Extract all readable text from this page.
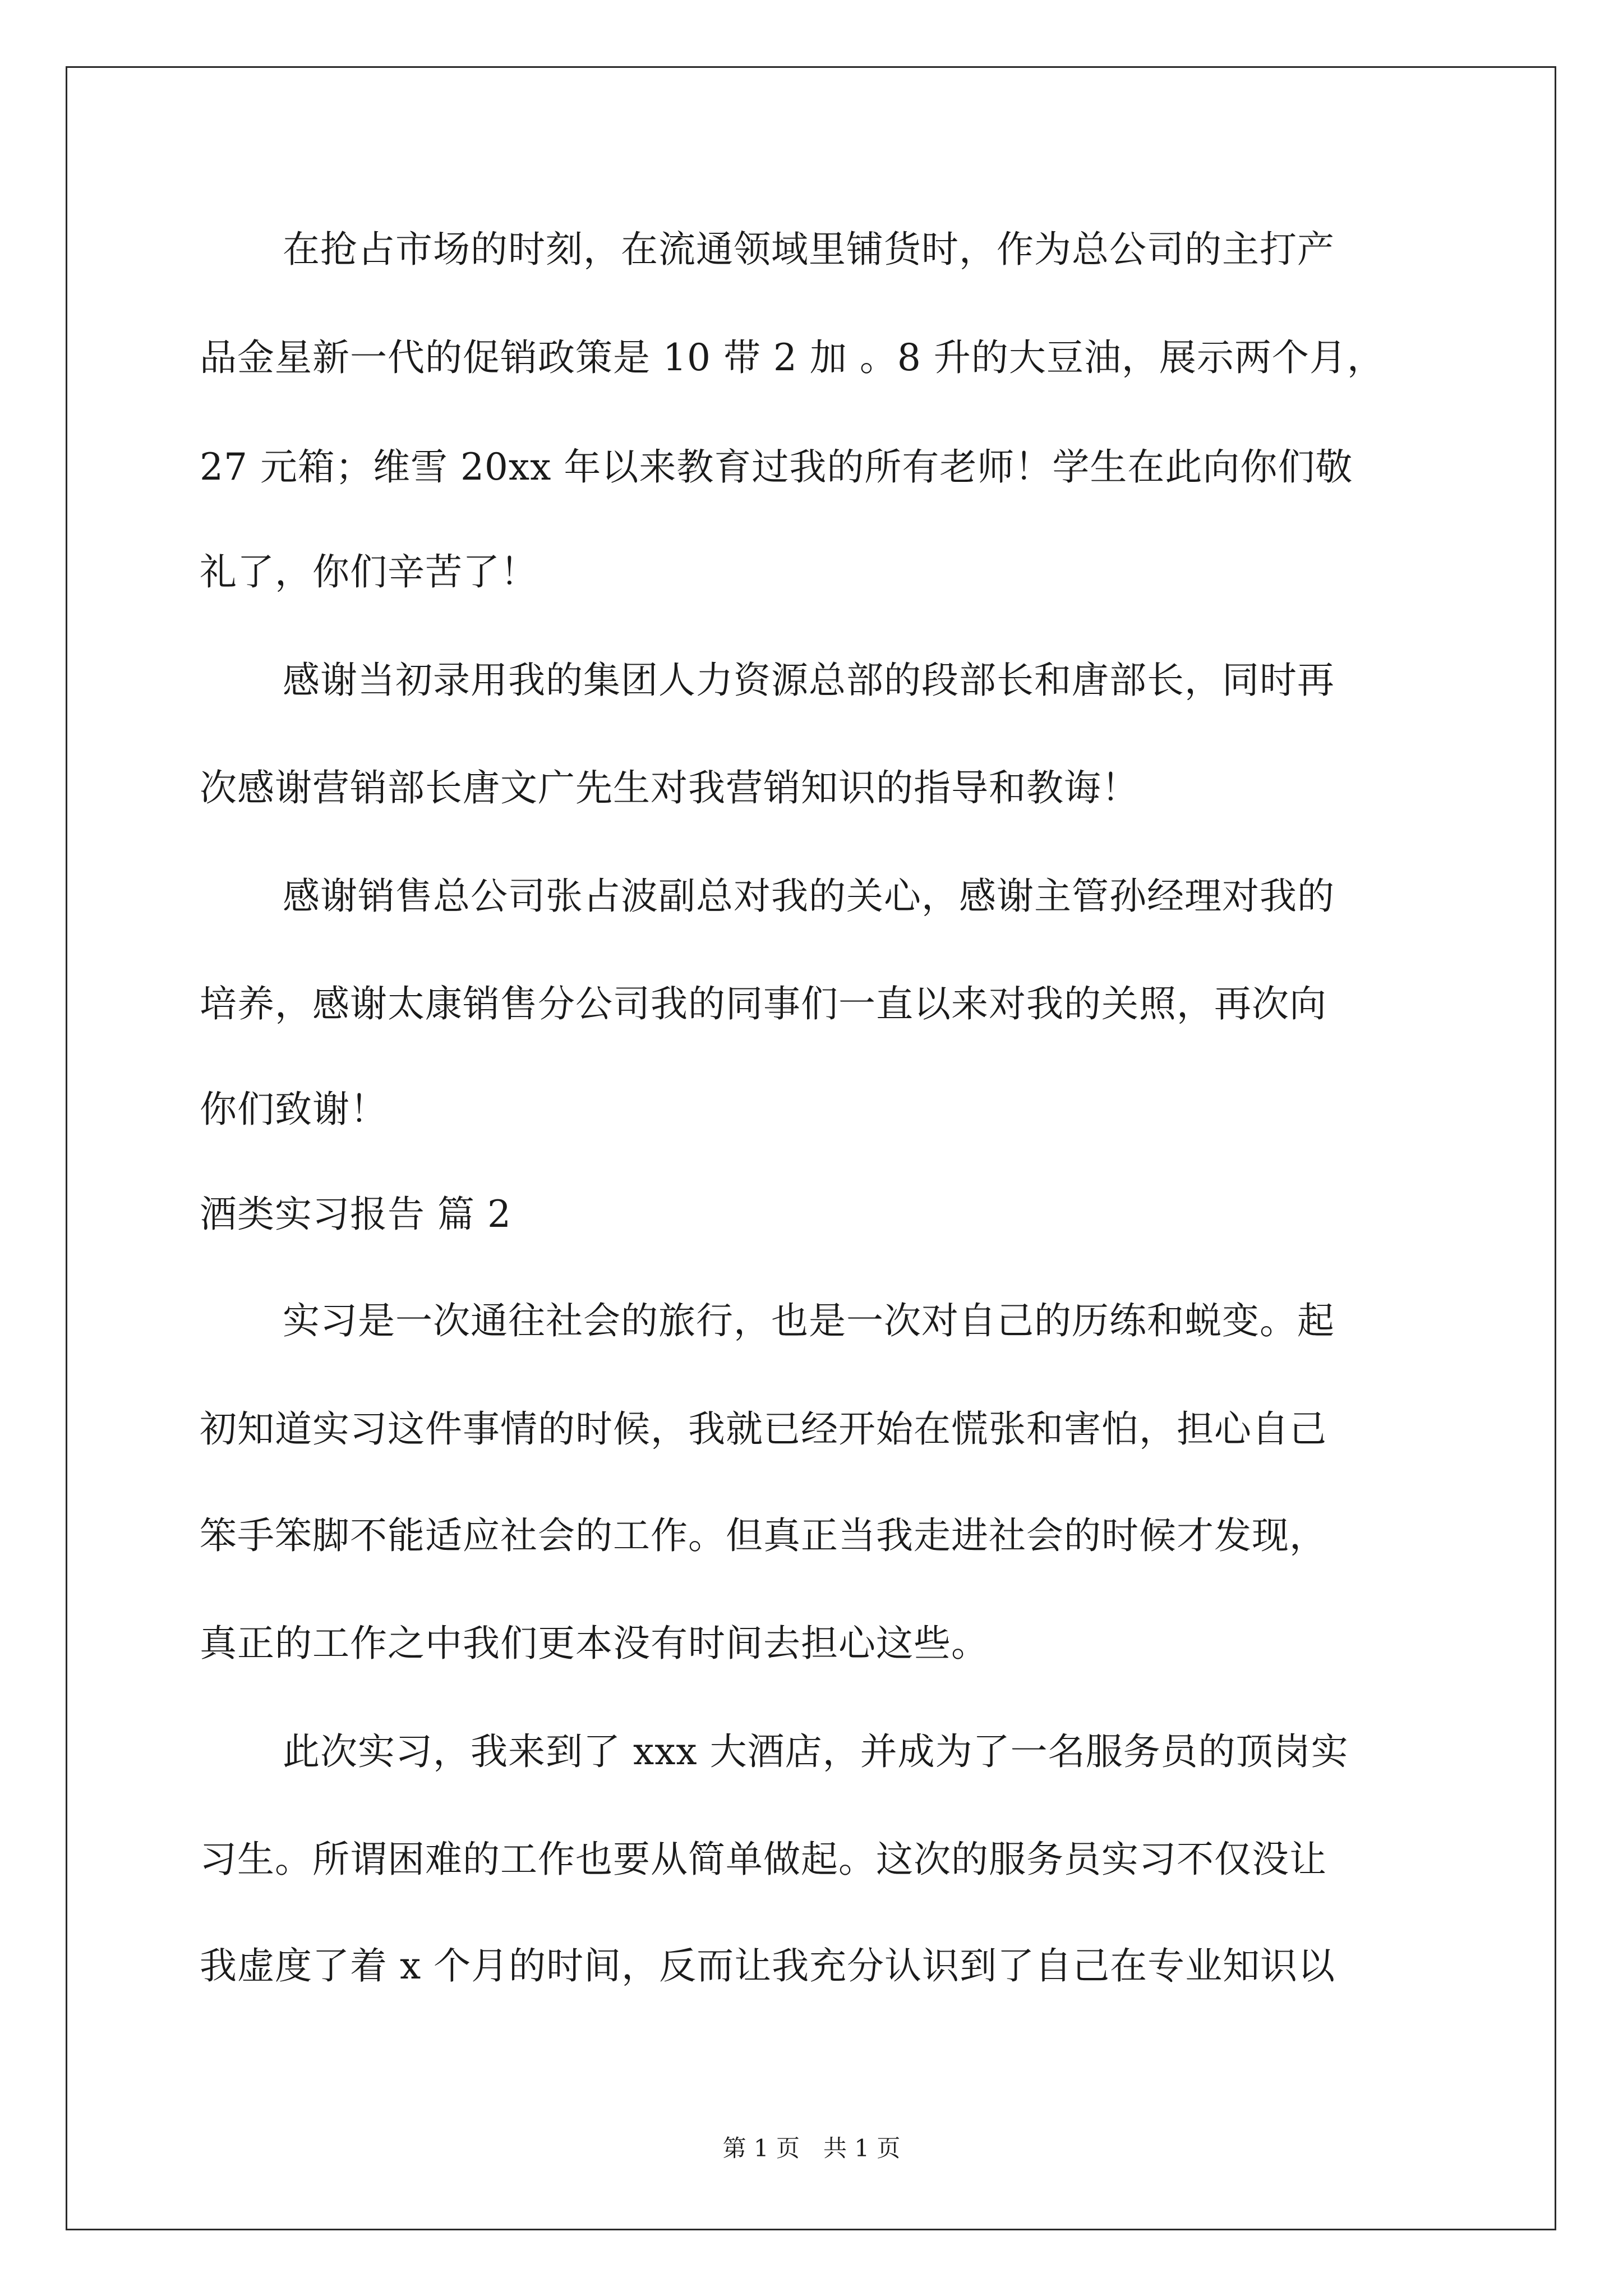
在抢占市场的时刻，在流通领域里铺货时，作为总公司的主打产
品金星新一代的促销政策是 10 带 2 加 。8 升的大豆油，展示两个月，
27 元箱；维雪 20xx 年以来教育过我的所有老师！学生在此向你们敬
礼了，你们辛苦了！
感谢当初录用我的集团人力资源总部的段部长和唐部长，同时再
次感谢营销部长唐文广先生对我营销知识的指导和教诲！
感谢销售总公司张占波副总对我的关心，感谢主管孙经理对我的
培养，感谢太康销售分公司我的同事们一直以来对我的关照，再次向
你们致谢！
酒类实习报告 篇 2
实习是一次通往社会的旅行，也是一次对自己的历练和蜕变。起
初知道实习这件事情的时候，我就已经开始在慌张和害怕，担心自己
笨手笨脚不能适应社会的工作。但真正当我走进社会的时候才发现，
真正的工作之中我们更本没有时间去担心这些。
此次实习，我来到了 xxx 大酒店，并成为了一名服务员的顶岗实
习生。所谓困难的工作也要从简单做起。这次的服务员实习不仅没让
我虚度了着 x 个月的时间，反而让我充分认识到了自己在专业知识以
第 1 页　共 1 页
